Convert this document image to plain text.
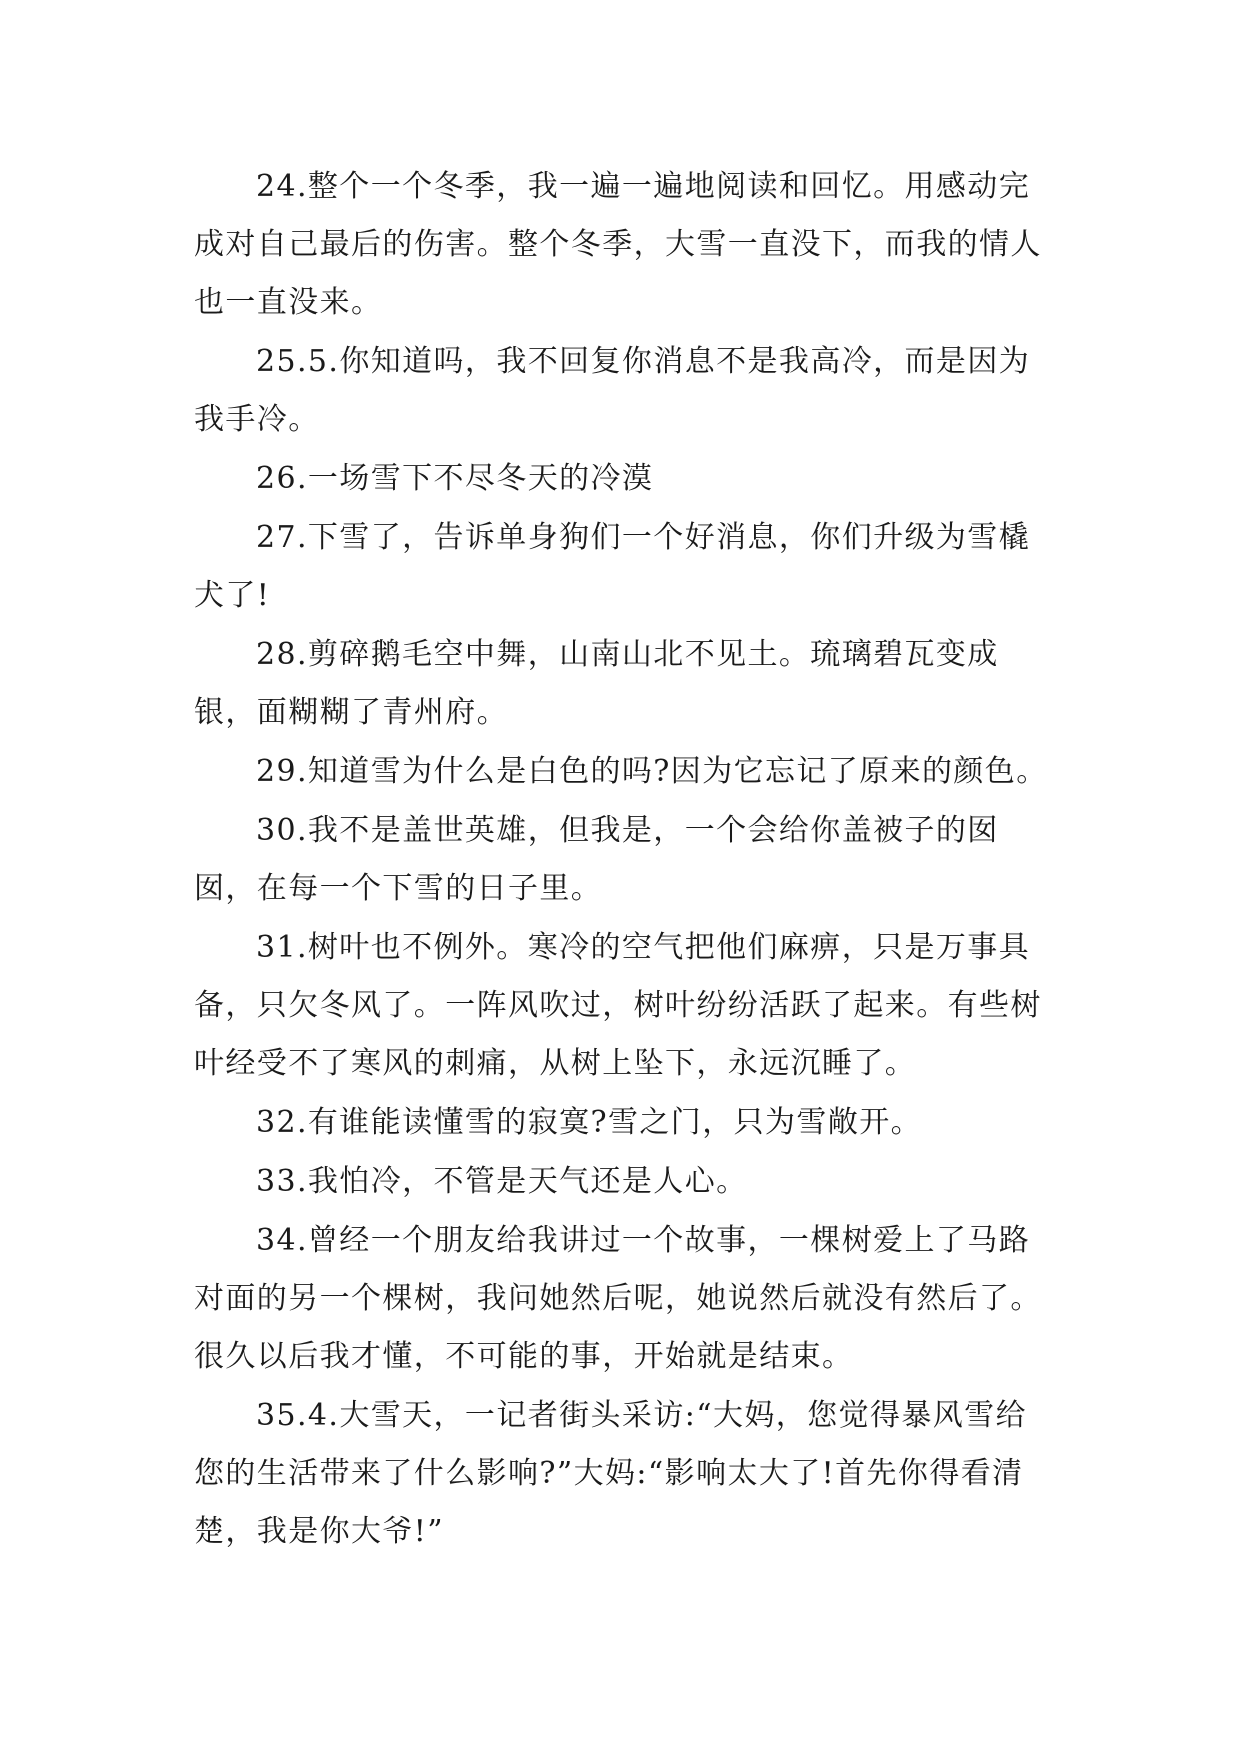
24.整个一个冬季，我一遍一遍地阅读和回忆。用感动完成对自己最后的伤害。整个冬季，大雪一直没下，而我的情人也一直没来。

25.5.你知道吗，我不回复你消息不是我高冷，而是因为我手冷。

26.一场雪下不尽冬天的冷漠

27.下雪了，告诉单身狗们一个好消息，你们升级为雪橇犬了!

28.剪碎鹅毛空中舞，山南山北不见土。琉璃碧瓦变成银，面糊糊了青州府。

29.知道雪为什么是白色的吗?因为它忘记了原来的颜色。

30.我不是盖世英雄，但我是，一个会给你盖被子的囡囡，在每一个下雪的日子里。

31.树叶也不例外。寒冷的空气把他们麻痹，只是万事具备，只欠冬风了。一阵风吹过，树叶纷纷活跃了起来。有些树叶经受不了寒风的刺痛，从树上坠下，永远沉睡了。

32.有谁能读懂雪的寂寞?雪之门，只为雪敞开。

33.我怕冷，不管是天气还是人心。

34.曾经一个朋友给我讲过一个故事，一棵树爱上了马路对面的另一个棵树，我问她然后呢，她说然后就没有然后了。很久以后我才懂，不可能的事，开始就是结束。

35.4.大雪天，一记者街头采访:“大妈，您觉得暴风雪给您的生活带来了什么影响?”大妈:“影响太大了!首先你得看清楚，我是你大爷!”
